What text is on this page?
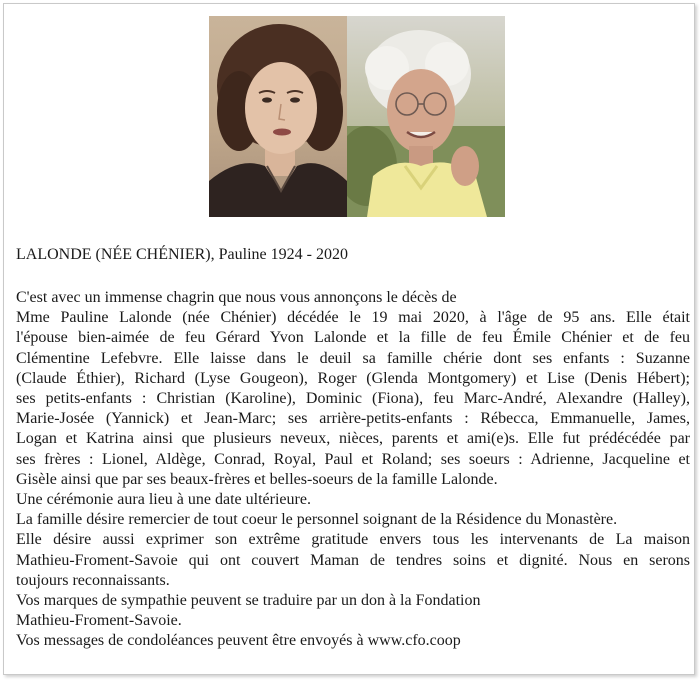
LALONDE (NÉE CHÉNIER), Pauline 1924 - 2020
C'est avec un immense chagrin que nous vous annonçons le décès de
Mme Pauline Lalonde (née Chénier) décédée le 19 mai 2020, à l'âge de 95 ans. Elle était
l'épouse bien-aimée de feu Gérard Yvon Lalonde et la fille de feu Émile Chénier et de feu
Clémentine Lefebvre. Elle laisse dans le deuil sa famille chérie dont ses enfants : Suzanne
(Claude Éthier), Richard (Lyse Gougeon), Roger (Glenda Montgomery) et Lise (Denis Hébert);
ses petits-enfants : Christian (Karoline), Dominic (Fiona), feu Marc-André, Alexandre (Halley),
Marie-Josée (Yannick) et Jean-Marc; ses arrière-petits-enfants : Rébecca, Emmanuelle, James,
Logan et Katrina ainsi que plusieurs neveux, nièces, parents et ami(e)s. Elle fut prédécédée par
ses frères : Lionel, Aldège, Conrad, Royal, Paul et Roland; ses soeurs : Adrienne, Jacqueline et
Gisèle ainsi que par ses beaux-frères et belles-soeurs de la famille Lalonde.
Une cérémonie aura lieu à une date ultérieure.
La famille désire remercier de tout coeur le personnel soignant de la Résidence du Monastère.
Elle désire aussi exprimer son extrême gratitude envers tous les intervenants de La maison
Mathieu-Froment-Savoie qui ont couvert Maman de tendres soins et dignité. Nous en serons
toujours reconnaissants.
Vos marques de sympathie peuvent se traduire par un don à la Fondation
Mathieu-Froment-Savoie.
Vos messages de condoléances peuvent être envoyés à www.cfo.coop
